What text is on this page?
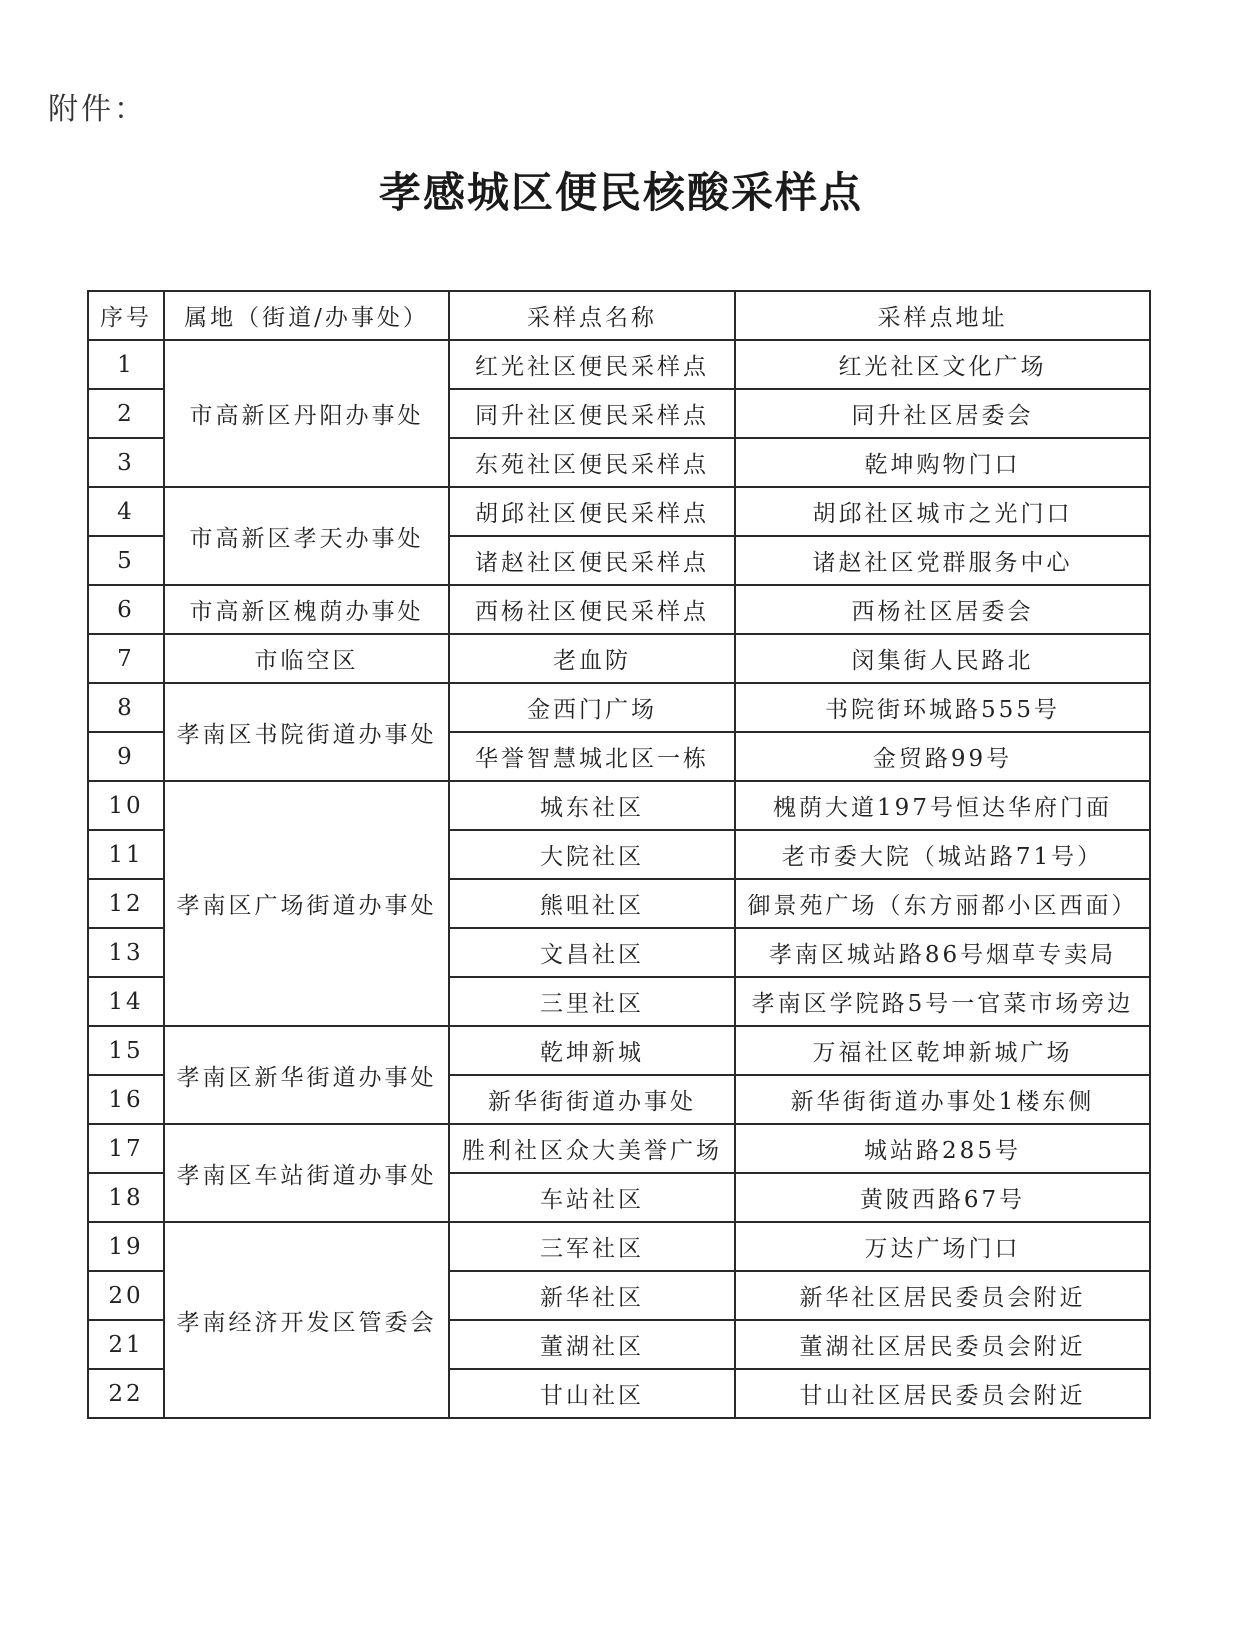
附件：
孝感城区便民核酸采样点
序号	属地（街道/办事处）	采样点名称	采样点地址
1	市高新区丹阳办事处	红光社区便民采样点	红光社区文化广场
2		同升社区便民采样点	同升社区居委会
3		东苑社区便民采样点	乾坤购物门口
4	市高新区孝天办事处	胡邱社区便民采样点	胡邱社区城市之光门口
5		诸赵社区便民采样点	诸赵社区党群服务中心
6	市高新区槐荫办事处	西杨社区便民采样点	西杨社区居委会
7	市临空区	老血防	闵集街人民路北
8	孝南区书院街道办事处	金西门广场	书院街环城路555号
9		华誉智慧城北区一栋	金贸路99号
10	孝南区广场街道办事处	城东社区	槐荫大道197号恒达华府门面
11		大院社区	老市委大院（城站路71号）
12		熊咀社区	御景苑广场（东方丽都小区西面）
13		文昌社区	孝南区城站路86号烟草专卖局
14		三里社区	孝南区学院路5号一官菜市场旁边
15	孝南区新华街道办事处	乾坤新城	万福社区乾坤新城广场
16		新华街街道办事处	新华街街道办事处1楼东侧
17	孝南区车站街道办事处	胜利社区众大美誉广场	城站路285号
18		车站社区	黄陂西路67号
19	孝南经济开发区管委会	三军社区	万达广场门口
20		新华社区	新华社区居民委员会附近
21		董湖社区	董湖社区居民委员会附近
22		甘山社区	甘山社区居民委员会附近
